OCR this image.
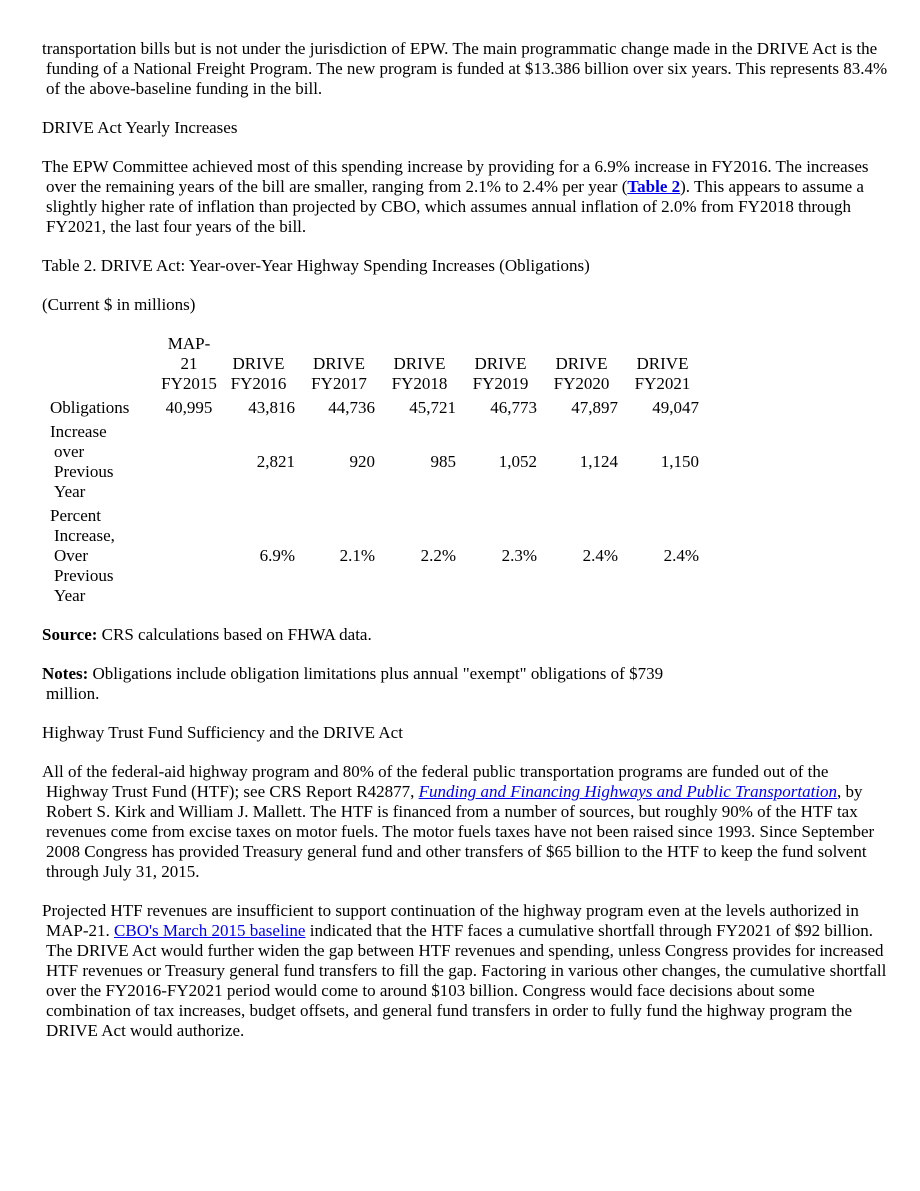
transportation bills but is not under the jurisdiction of EPW. The main programmatic change made in the DRIVE Act is the funding of a National Freight Program. The new program is funded at $13.386 billion over six years. This represents 83.4% of the above-baseline funding in the bill.

DRIVE Act Yearly Increases

The EPW Committee achieved most of this spending increase by providing for a 6.9% increase in FY2016. The increases over the remaining years of the bill are smaller, ranging from 2.1% to 2.4% per year (Table 2). This appears to assume a slightly higher rate of inflation than projected by CBO, which assumes annual inflation of 2.0% from FY2018 through FY2021, the last four years of the bill.

Table 2. DRIVE Act: Year-over-Year Highway Spending Increases (Obligations)
(Current $ in millions)
	MAP-
21
FY2015	DRIVE
FY2016	DRIVE
FY2017	DRIVE
FY2018	DRIVE
FY2019	DRIVE
FY2020	DRIVE
FY2021

Obligations	40,995	43,816	44,736	45,721	46,773	47,897	49,047

Increase
over
Previous
Year		2,821	920	985	1,052	1,124	1,150

Percent
Increase,
Over
Previous
Year		6.9%	2.1%	2.2%	2.3%	2.4%	2.4%

Source: CRS calculations based on FHWA data.

Notes: Obligations include obligation limitations plus annual "exempt" obligations of $739 million.

Highway Trust Fund Sufficiency and the DRIVE Act

All of the federal-aid highway program and 80% of the federal public transportation programs are funded out of the Highway Trust Fund (HTF); see CRS Report R42877, Funding and Financing Highways and Public Transportation, by Robert S. Kirk and William J. Mallett. The HTF is financed from a number of sources, but roughly 90% of the HTF tax revenues come from excise taxes on motor fuels. The motor fuels taxes have not been raised since 1993. Since September 2008 Congress has provided Treasury general fund and other transfers of $65 billion to the HTF to keep the fund solvent through July 31, 2015.

Projected HTF revenues are insufficient to support continuation of the highway program even at the levels authorized in MAP-21. CBO's March 2015 baseline indicated that the HTF faces a cumulative shortfall through FY2021 of $92 billion. The DRIVE Act would further widen the gap between HTF revenues and spending, unless Congress provides for increased HTF revenues or Treasury general fund transfers to fill the gap. Factoring in various other changes, the cumulative shortfall over the FY2016-FY2021 period would come to around $103 billion. Congress would face decisions about some combination of tax increases, budget offsets, and general fund transfers in order to fully fund the highway program the DRIVE Act would authorize.
